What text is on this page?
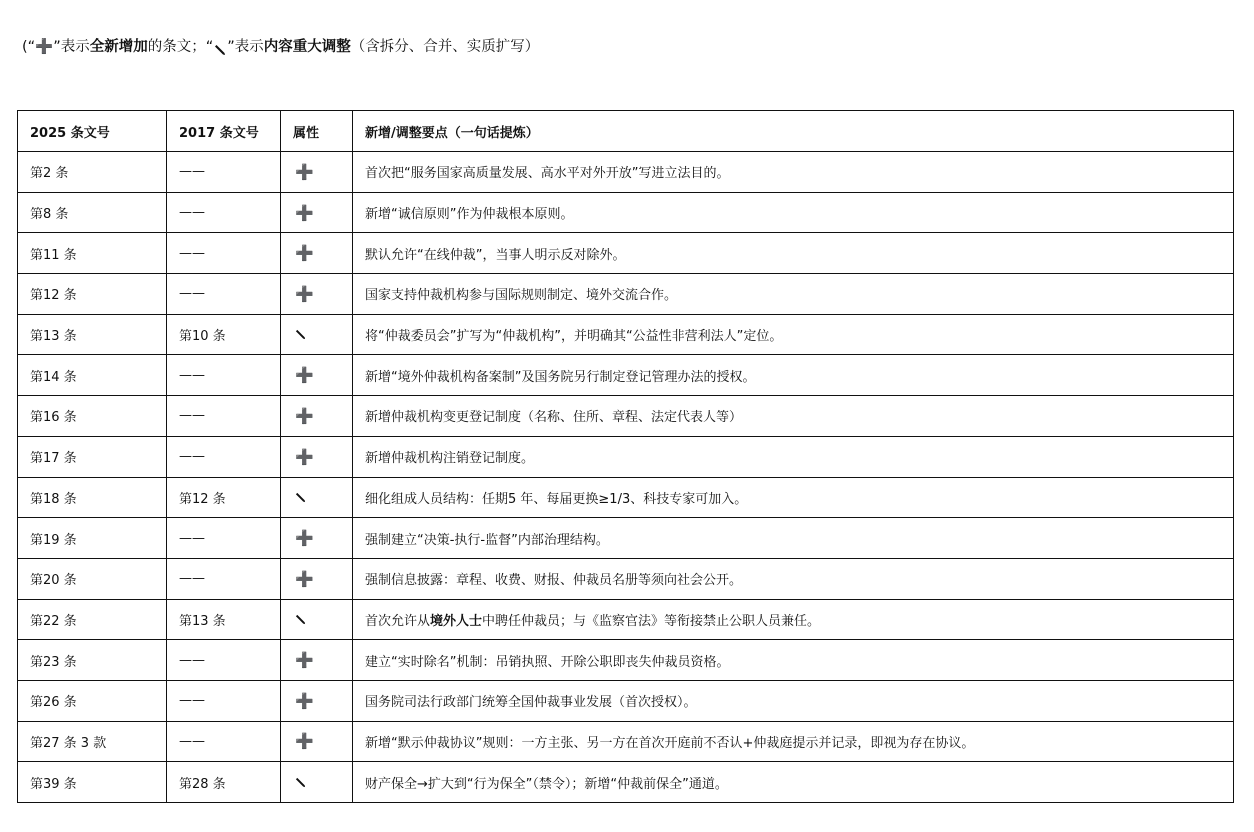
(“➕”表示全新增加的条文；“ ”表示内容重大调整（含拆分、合并、实质扩写）
2025 条文号	2017 条文号	属性	新增/调整要点（一句话提炼）
第2 条	——	➕	首次把“服务国家高质量发展、高水平对外开放”写进立法目的。
第8 条	——	➕	新增“诚信原则”作为仲裁根本原则。
第11 条	——	➕	默认允许“在线仲裁”，当事人明示反对除外。
第12 条	——	➕	国家支持仲裁机构参与国际规则制定、境外交流合作。
第13 条	第10 条		将“仲裁委员会”扩写为“仲裁机构”，并明确其“公益性非营利法人”定位。
第14 条	——	➕	新增“境外仲裁机构备案制”及国务院另行制定登记管理办法的授权。
第16 条	——	➕	新增仲裁机构变更登记制度（名称、住所、章程、法定代表人等）
第17 条	——	➕	新增仲裁机构注销登记制度。
第18 条	第12 条		细化组成人员结构：任期5 年、每届更换≥1/3、科技专家可加入。
第19 条	——	➕	强制建立“决策-执行-监督”内部治理结构。
第20 条	——	➕	强制信息披露：章程、收费、财报、仲裁员名册等须向社会公开。
第22 条	第13 条		首次允许从境外人士中聘任仲裁员；与《监察官法》等衔接禁止公职人员兼任。
第23 条	——	➕	建立“实时除名”机制：吊销执照、开除公职即丧失仲裁员资格。
第26 条	——	➕	国务院司法行政部门统筹全国仲裁事业发展（首次授权）。
第27 条 3 款	——	➕	新增“默示仲裁协议”规则：一方主张、另一方在首次开庭前不否认+仲裁庭提示并记录，即视为存在协议。
第39 条	第28 条		财产保全→扩大到“行为保全”（禁令）；新增“仲裁前保全”通道。
